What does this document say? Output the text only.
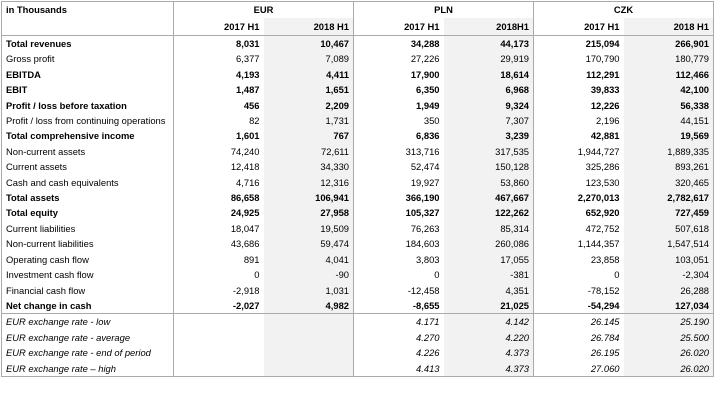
in Thousands	EUR		PLN		CZK	
	2017 H1	2018 H1	2017 H1	2018H1	2017 H1	2018 H1
Total revenues	8,031	10,467	34,288	44,173	215,094	266,901
Gross profit	6,377	7,089	27,226	29,919	170,790	180,779
EBITDA	4,193	4,411	17,900	18,614	112,291	112,466
EBIT	1,487	1,651	6,350	6,968	39,833	42,100
Profit / loss before taxation	456	2,209	1,949	9,324	12,226	56,338
Profit / loss from continuing operations	82	1,731	350	7,307	2,196	44,151
Total comprehensive income	1,601	767	6,836	3,239	42,881	19,569
Non-current assets	74,240	72,611	313,716	317,535	1,944,727	1,889,335
Current assets	12,418	34,330	52,474	150,128	325,286	893,261
Cash and cash equivalents	4,716	12,316	19,927	53,860	123,530	320,465
Total assets	86,658	106,941	366,190	467,667	2,270,013	2,782,617
Total equity	24,925	27,958	105,327	122,262	652,920	727,459
Current liabilities	18,047	19,509	76,263	85,314	472,752	507,618
Non-current liabilities	43,686	59,474	184,603	260,086	1,144,357	1,547,514
Operating cash flow	891	4,041	3,803	17,055	23,858	103,051
Investment cash flow	0	-90	0	-381	0	-2,304
Financial cash flow	-2,918	1,031	-12,458	4,351	-78,152	26,288
Net change in cash	-2,027	4,982	-8,655	21,025	-54,294	127,034
EUR exchange rate - low			4.171	4.142	26.145	25.190
EUR exchange rate - average			4.270	4.220	26.784	25.500
EUR exchange rate - end of period			4.226	4.373	26.195	26.020
EUR exchange rate – high			4.413	4.373	27.060	26.020
